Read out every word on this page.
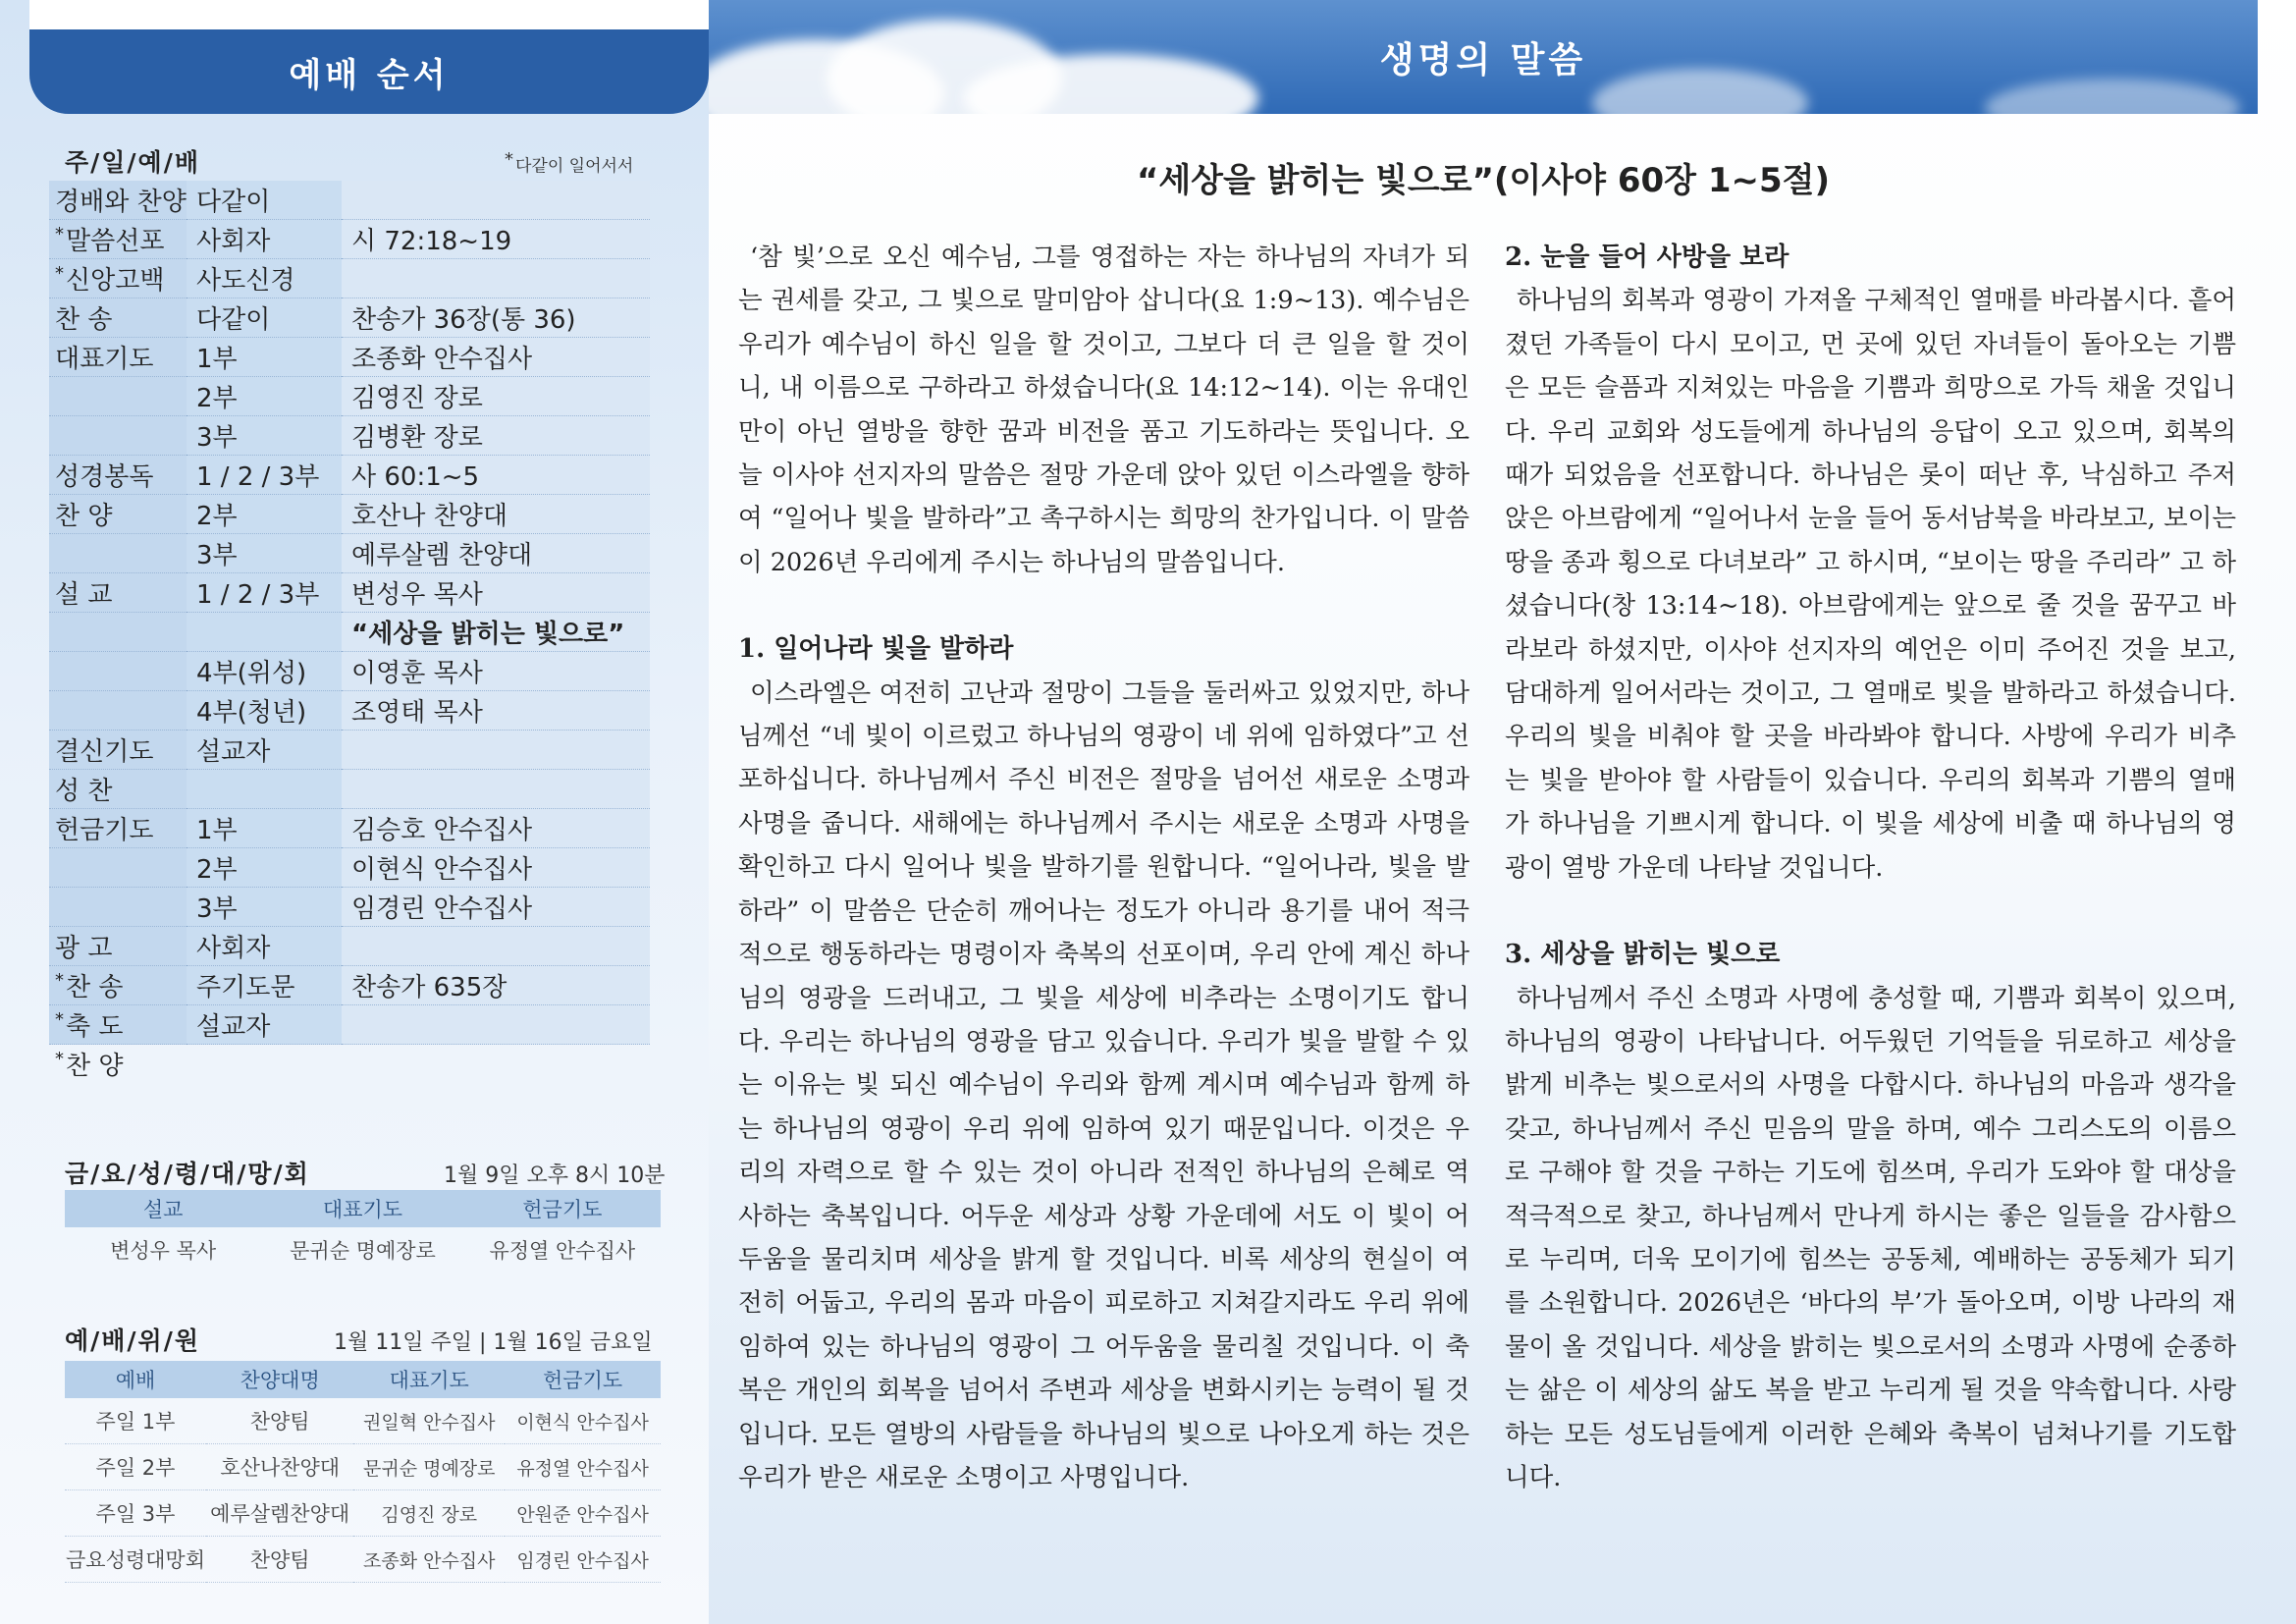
예배 순서
주/일/예/배	* 다같이 일어서서
경배와 찬양	다같이	
*말씀선포	사회자	시 72:18~19
*신앙고백	사도신경	
찬 송	다같이	찬송가 36장(통 36)
대표기도	1부	조종화 안수집사
	2부	김영진 장로
	3부	김병환 장로
성경봉독	1 / 2 / 3부	사 60:1~5
찬 양	2부	호산나 찬양대
	3부	예루살렘 찬양대
설 교	1 / 2 / 3부	변성우 목사
		“세상을 밝히는 빛으로”
	4부(위성)	이영훈 목사
	4부(청년)	조영태 목사
결신기도	설교자	
성 찬		
헌금기도	1부	김승호 안수집사
	2부	이현식 안수집사
	3부	임경린 안수집사
광 고	사회자	
*찬 송	주기도문	찬송가 635장
*축 도	설교자	
*찬 양		
금/요/성/령/대/망/회	1월 9일 오후 8시 10분
설교	대표기도	헌금기도
변성우 목사	문귀순 명예장로	유정열 안수집사
예/배/위/원	1월 11일 주일 | 1월 16일 금요일
예배	찬양대명	대표기도	헌금기도
주일 1부	찬양팀	권일혁 안수집사	이현식 안수집사
주일 2부	호산나찬양대	문귀순 명예장로	유정열 안수집사
주일 3부	예루살렘찬양대	김영진 장로	안원준 안수집사
금요성령대망회	찬양팀	조종화 안수집사	임경린 안수집사
생명의 말씀
“세상을 밝히는 빛으로”(이사야 60장 1~5절)

‘참 빛’으로 오신 예수님, 그를 영접하는 자는 하나님의 자녀가 되는 권세를 갖고, 그 빛으로 말미암아 삽니다(요 1:9~13). 예수님은 우리가 예수님이 하신 일을 할 것이고, 그보다 더 큰 일을 할 것이니, 내 이름으로 구하라고 하셨습니다(요 14:12~14). 이는 유대인만이 아닌 열방을 향한 꿈과 비전을 품고 기도하라는 뜻입니다. 오늘 이사야 선지자의 말씀은 절망 가운데 앉아 있던 이스라엘을 향하여 “일어나 빛을 발하라”고 촉구하시는 희망의 찬가입니다. 이 말씀이 2026년 우리에게 주시는 하나님의 말씀입니다.

1. 일어나라 빛을 발하라

이스라엘은 여전히 고난과 절망이 그들을 둘러싸고 있었지만, 하나님께선 “네 빛이 이르렀고 하나님의 영광이 네 위에 임하였다”고 선포하십니다. 하나님께서 주신 비전은 절망을 넘어선 새로운 소명과 사명을 줍니다. 새해에는 하나님께서 주시는 새로운 소명과 사명을 확인하고 다시 일어나 빛을 발하기를 원합니다. “일어나라, 빛을 발하라” 이 말씀은 단순히 깨어나는 정도가 아니라 용기를 내어 적극적으로 행동하라는 명령이자 축복의 선포이며, 우리 안에 계신 하나님의 영광을 드러내고, 그 빛을 세상에 비추라는 소명이기도 합니다. 우리는 하나님의 영광을 담고 있습니다. 우리가 빛을 발할 수 있는 이유는 빛 되신 예수님이 우리와 함께 계시며 예수님과 함께 하는 하나님의 영광이 우리 위에 임하여 있기 때문입니다. 이것은 우리의 자력으로 할 수 있는 것이 아니라 전적인 하나님의 은혜로 역사하는 축복입니다. 어두운 세상과 상황 가운데에 서도 이 빛이 어두움을 물리치며 세상을 밝게 할 것입니다. 비록 세상의 현실이 여전히 어둡고, 우리의 몸과 마음이 피로하고 지쳐갈지라도 우리 위에 임하여 있는 하나님의 영광이 그 어두움을 물리칠 것입니다. 이 축복은 개인의 회복을 넘어서 주변과 세상을 변화시키는 능력이 될 것입니다. 모든 열방의 사람들을 하나님의 빛으로 나아오게 하는 것은 우리가 받은 새로운 소명이고 사명입니다.

2. 눈을 들어 사방을 보라

하나님의 회복과 영광이 가져올 구체적인 열매를 바라봅시다. 흩어졌던 가족들이 다시 모이고, 먼 곳에 있던 자녀들이 돌아오는 기쁨은 모든 슬픔과 지쳐있는 마음을 기쁨과 희망으로 가득 채울 것입니다. 우리 교회와 성도들에게 하나님의 응답이 오고 있으며, 회복의 때가 되었음을 선포합니다. 하나님은 롯이 떠난 후, 낙심하고 주저앉은 아브람에게 “일어나서 눈을 들어 동서남북을 바라보고, 보이는 땅을 종과 횡으로 다녀보라” 고 하시며, “보이는 땅을 주리라” 고 하셨습니다(창 13:14~18). 아브람에게는 앞으로 줄 것을 꿈꾸고 바라보라 하셨지만, 이사야 선지자의 예언은 이미 주어진 것을 보고, 담대하게 일어서라는 것이고, 그 열매로 빛을 발하라고 하셨습니다. 우리의 빛을 비춰야 할 곳을 바라봐야 합니다. 사방에 우리가 비추는 빛을 받아야 할 사람들이 있습니다. 우리의 회복과 기쁨의 열매가 하나님을 기쁘시게 합니다. 이 빛을 세상에 비출 때 하나님의 영광이 열방 가운데 나타날 것입니다.

3. 세상을 밝히는 빛으로

하나님께서 주신 소명과 사명에 충성할 때, 기쁨과 회복이 있으며, 하나님의 영광이 나타납니다. 어두웠던 기억들을 뒤로하고 세상을 밝게 비추는 빛으로서의 사명을 다합시다. 하나님의 마음과 생각을 갖고, 하나님께서 주신 믿음의 말을 하며, 예수 그리스도의 이름으로 구해야 할 것을 구하는 기도에 힘쓰며, 우리가 도와야 할 대상을 적극적으로 찾고, 하나님께서 만나게 하시는 좋은 일들을 감사함으로 누리며, 더욱 모이기에 힘쓰는 공동체, 예배하는 공동체가 되기를 소원합니다. 2026년은 ‘바다의 부’가 돌아오며, 이방 나라의 재물이 올 것입니다. 세상을 밝히는 빛으로서의 소명과 사명에 순종하는 삶은 이 세상의 삶도 복을 받고 누리게 될 것을 약속합니다. 사랑하는 모든 성도님들에게 이러한 은혜와 축복이 넘쳐나기를 기도합니다.
